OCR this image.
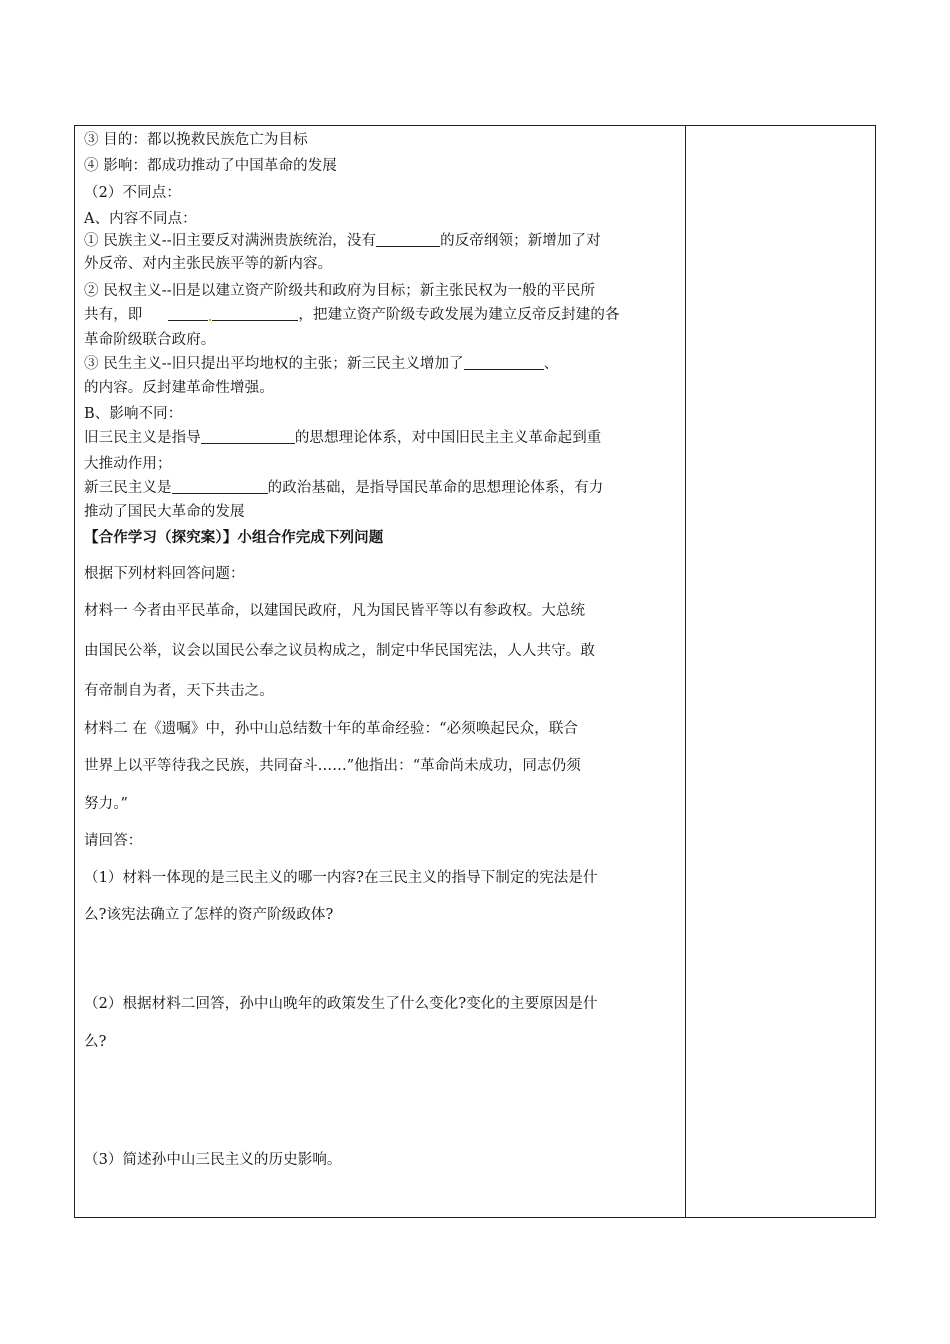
③ 目的：都以挽救民族危亡为目标
④ 影响：都成功推动了中国革命的发展
（2）不同点：
A、内容不同点：
① 民族主义--旧主要反对满洲贵族统治，没有	的反帝纲领；新增加了对
外反帝、对内主张民族平等的新内容。
② 民权主义--旧是以建立资产阶级共和政府为目标；新主张民权为一般的平民所
共有，即	，把建立资产阶级专政发展为建立反帝反封建的各
革命阶级联合政府。
③ 民生主义--旧只提出平均地权的主张；新三民主义增加了	、
的内容。反封建革命性增强。
B、影响不同：
旧三民主义是指导	的思想理论体系，对中国旧民主主义革命起到重
大推动作用；
新三民主义是	的政治基础，是指导国民革命的思想理论体系，有力
推动了国民大革命的发展
【合作学习（探究案）】小组合作完成下列问题
根据下列材料回答问题：
材料一 今者由平民革命，以建国民政府，凡为国民皆平等以有参政权。大总统
由国民公举，议会以国民公奉之议员构成之，制定中华民国宪法，人人共守。敢
有帝制自为者，天下共击之。
材料二 在《遗嘱》中，孙中山总结数十年的革命经验：“必须唤起民众，联合
世界上以平等待我之民族，共同奋斗……”他指出：“革命尚未成功，同志仍须
努力。”
请回答：
（1）材料一体现的是三民主义的哪一内容?在三民主义的指导下制定的宪法是什
么?该宪法确立了怎样的资产阶级政体?
（2）根据材料二回答，孙中山晚年的政策发生了什么变化?变化的主要原因是什
么?
（3）简述孙中山三民主义的历史影响。
